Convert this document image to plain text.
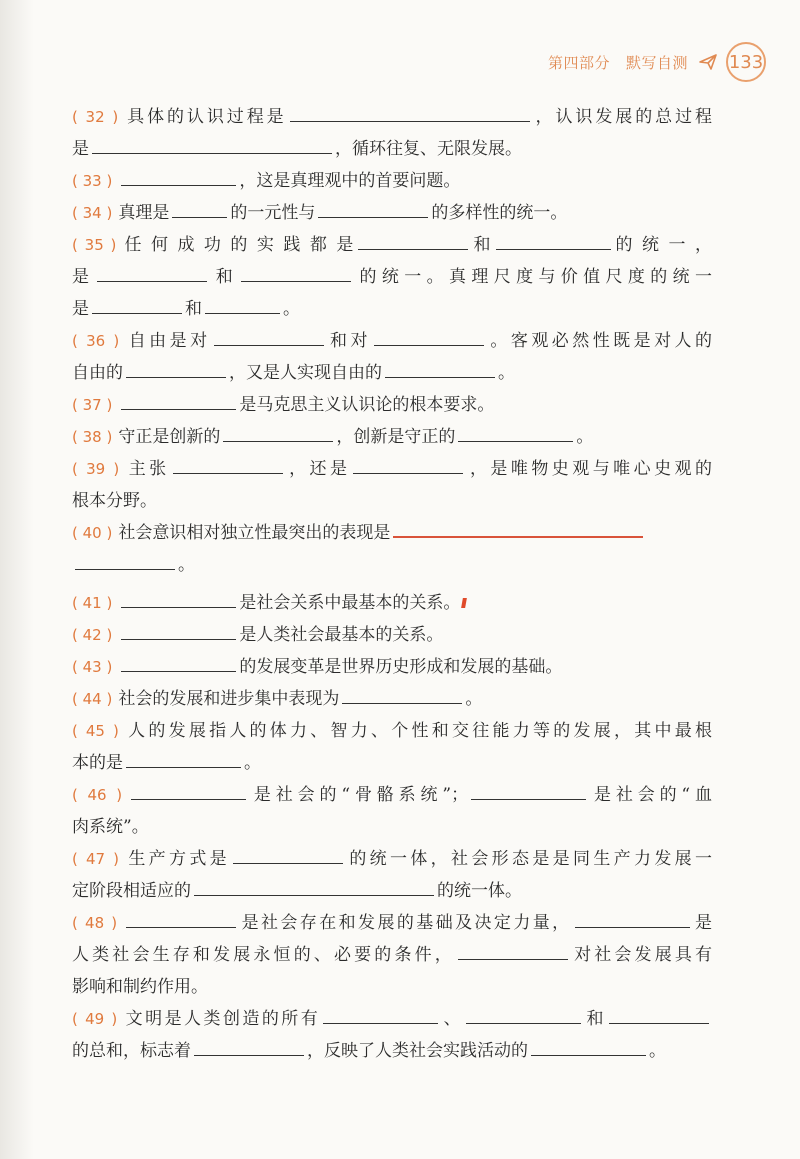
第四部分 默写自测 133
( 32 ) 具体的认识过程是	，认识发展的总过程
是	，循环往复、无限发展。
( 33 )	，这是真理观中的首要问题。
( 34 ) 真理是	的一元性与	的多样性的统一。
( 35 ) 任 何 成 功 的 实 践 都 是	和	的 统 一 ，
是	和	的统一。真理尺度与价值尺度的统一
是	和	。
( 36 ) 自由是对	和对	。客观必然性既是对人的
自由的	，又是人实现自由的	。
( 37 )	是马克思主义认识论的根本要求。
( 38 ) 守正是创新的	，创新是守正的	。
( 39 ) 主张	，还是	，是唯物史观与唯心史观的
根本分野。
( 40 ) 社会意识相对独立性最突出的表现是
。
( 41 )	是社会关系中最基本的关系。
( 42 )	是人类社会最基本的关系。
( 43 )	的发展变革是世界历史形成和发展的基础。
( 44 ) 社会的发展和进步集中表现为	。
( 45 ) 人的发展指人的体力、智力、个性和交往能力等的发展，其中最根
本的是	。
( 46 )	是社会的“骨骼系统”；	是社会的“血
肉系统”。
( 47 ) 生产方式是	的统一体，社会形态是是同生产力发展一
定阶段相适应的	的统一体。
( 48 )	是社会存在和发展的基础及决定力量，	是
人类社会生存和发展永恒的、必要的条件，	对社会发展具有
影响和制约作用。
( 49 ) 文明是人类创造的所有	、	和
的总和，标志着	，反映了人类社会实践活动的	。
